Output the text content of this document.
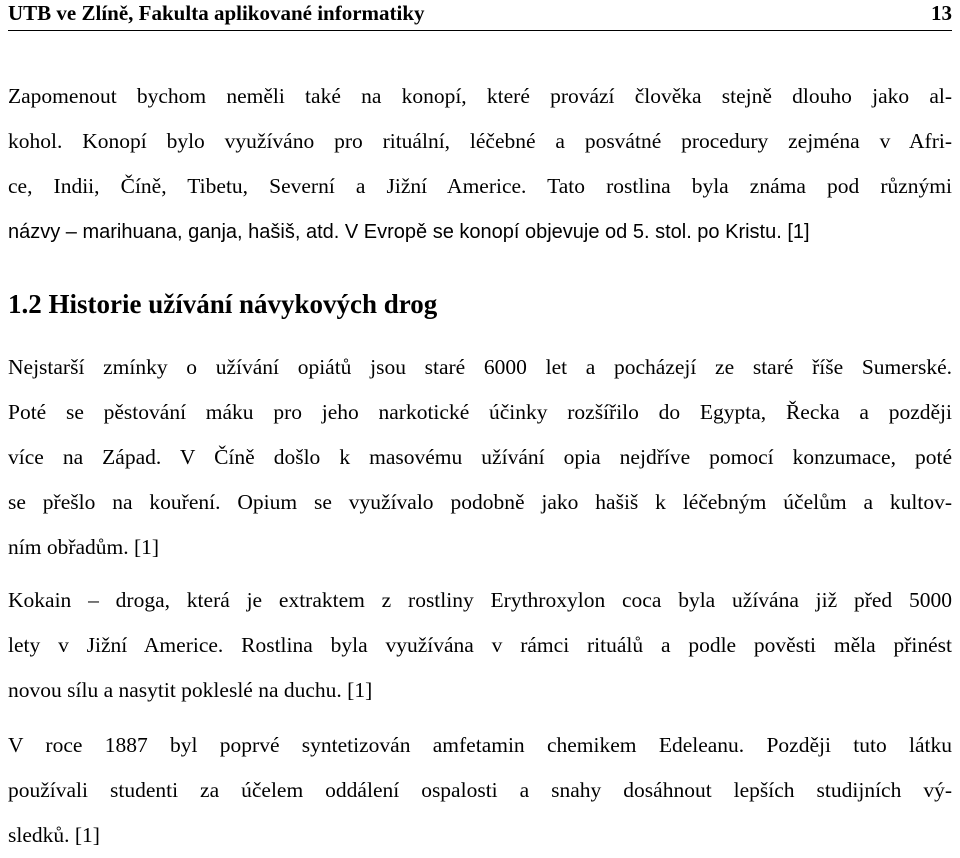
UTB ve Zlíně, Fakulta aplikované informatiky	13
Zapomenout bychom neměli také na konopí, které provází člověka stejně dlouho jako al-
kohol. Konopí bylo využíváno pro rituální, léčebné a posvátné procedury zejména v Afri-
ce, Indii, Číně, Tibetu, Severní a Jižní Americe. Tato rostlina byla známa pod různými
názvy – marihuana, ganja, hašiš, atd. V Evropě se konopí objevuje od 5. stol. po Kristu. [1]
1.2 Historie užívání návykových drog
Nejstarší zmínky o užívání opiátů jsou staré 6000 let a pocházejí ze staré říše Sumerské.
Poté se pěstování máku pro jeho narkotické účinky rozšířilo do Egypta, Řecka a později
více na Západ. V Číně došlo k masovému užívání opia nejdříve pomocí konzumace, poté
se přešlo na kouření. Opium se využívalo podobně jako hašiš k léčebným účelům a kultov-
ním obřadům. [1]
Kokain – droga, která je extraktem z rostliny Erythroxylon coca byla užívána již před 5000
lety v Jižní Americe. Rostlina byla využívána v rámci rituálů a podle pověsti měla přinést
novou sílu a nasytit pokleslé na duchu. [1]
V roce 1887 byl poprvé syntetizován amfetamin chemikem Edeleanu. Později tuto látku
používali studenti za účelem oddálení ospalosti a snahy dosáhnout lepších studijních vý-
sledků. [1]
